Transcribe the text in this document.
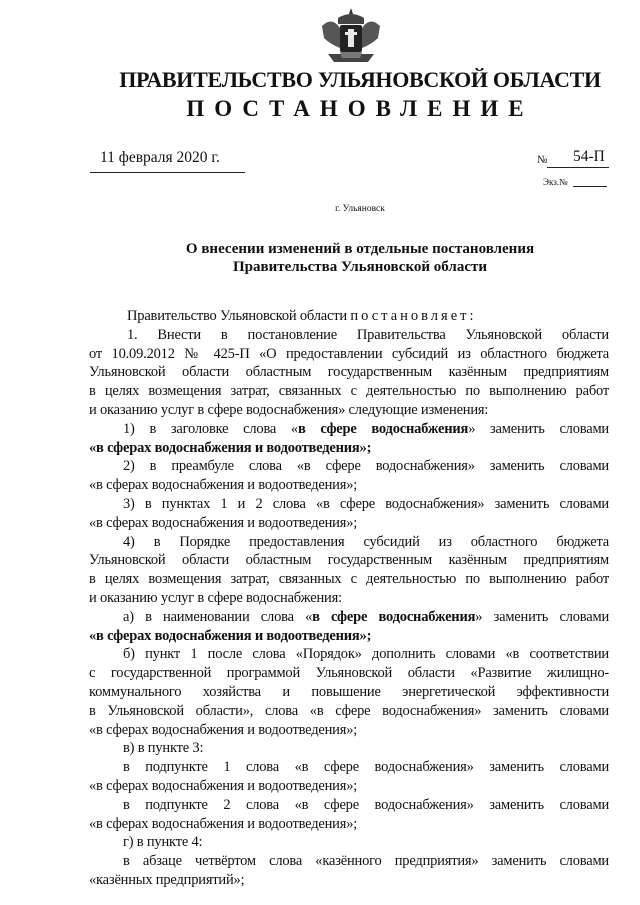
ПРАВИТЕЛЬСТВО УЛЬЯНОВСКОЙ ОБЛАСТИ
ПОСТАНОВЛЕНИЕ
11 февраля 2020 г.	№ 54-П
Экз.№
г. Ульяновск
О внесении изменений в отдельные постановления
Правительства Ульяновской области
Правительство Ульяновской области постановляет:
1. Внести в постановление Правительства Ульяновской области
от 10.09.2012 № 425-П «О предоставлении субсидий из областного бюджета
Ульяновской области областным государственным казённым предприятиям
в целях возмещения затрат, связанных с деятельностью по выполнению работ
и оказанию услуг в сфере водоснабжения» следующие изменения:
1) в заголовке слова «в сфере водоснабжения» заменить словами
«в сферах водоснабжения и водоотведения»;
2) в преамбуле слова «в сфере водоснабжения» заменить словами
«в сферах водоснабжения и водоотведения»;
3) в пунктах 1 и 2 слова «в сфере водоснабжения» заменить словами
«в сферах водоснабжения и водоотведения»;
4) в Порядке предоставления субсидий из областного бюджета
Ульяновской области областным государственным казённым предприятиям
в целях возмещения затрат, связанных с деятельностью по выполнению работ
и оказанию услуг в сфере водоснабжения:
а) в наименовании слова «в сфере водоснабжения» заменить словами
«в сферах водоснабжения и водоотведения»;
б) пункт 1 после слова «Порядок» дополнить словами «в соответствии
с государственной программой Ульяновской области «Развитие жилищно-
коммунального хозяйства и повышение энергетической эффективности
в Ульяновской области», слова «в сфере водоснабжения» заменить словами
«в сферах водоснабжения и водоотведения»;
в) в пункте 3:
в подпункте 1 слова «в сфере водоснабжения» заменить словами
«в сферах водоснабжения и водоотведения»;
в подпункте 2 слова «в сфере водоснабжения» заменить словами
«в сферах водоснабжения и водоотведения»;
г) в пункте 4:
в абзаце четвёртом слова «казённого предприятия» заменить словами
«казённых предприятий»;
